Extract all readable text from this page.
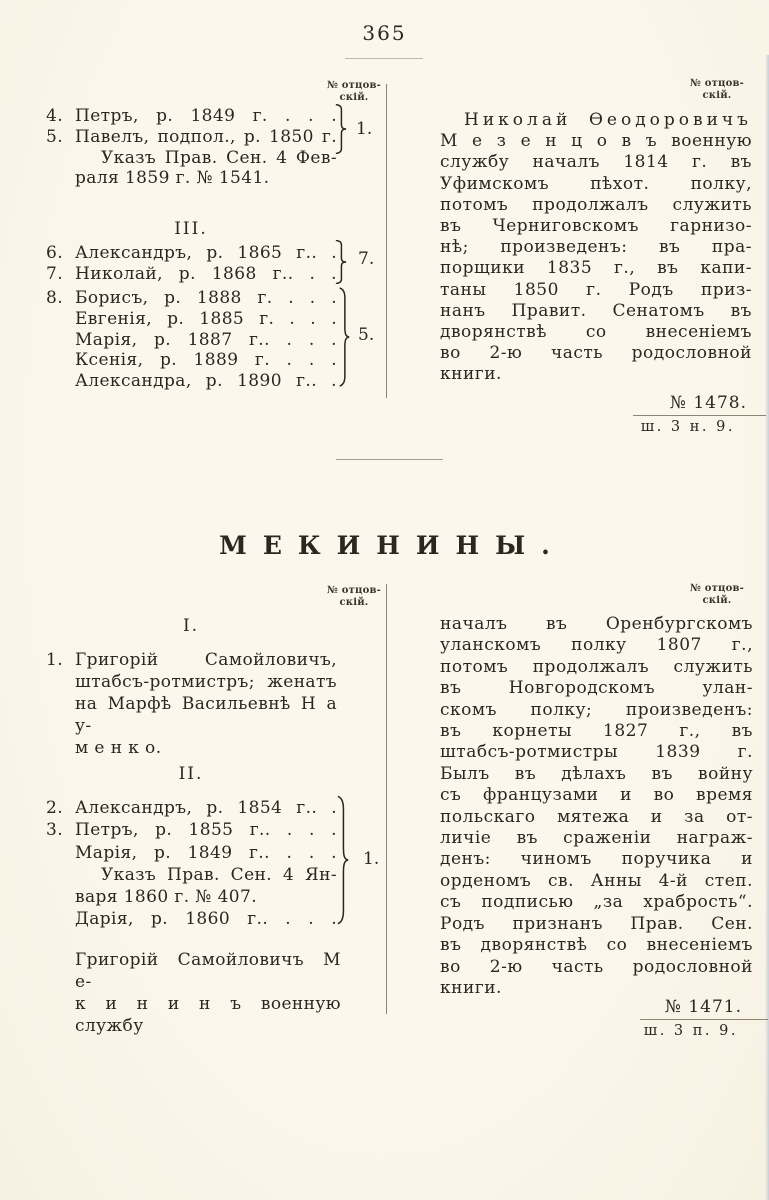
365
№ отцов-
скій.
4. Петръ, р. 1849 г. . . .
5. Павелъ, подпол., р. 1850 г.
Указъ Прав. Сен. 4 Фев-
раля 1859 г. № 1541.
III.
6. Александръ, р. 1865 г.. .
7. Николай, р. 1868 г.. . .
8. Борисъ, р. 1888 г. . . .
Евгенія, р. 1885 г. . . .
Марія, р. 1887 г.. . . .
Ксенія, р. 1889 г. . . .
Александра, р. 1890 г.. .
1.
7.
5.
№ отцов-
скій.
Николай Ѳеодоровичъ
М е з е н ц о в ъ военную
службу началъ 1814 г. въ
Уфимскомъ пѣхот. полку,
потомъ продолжалъ служить
въ Черниговскомъ гарнизо-
нѣ; произведенъ: въ пра-
порщики 1835 г., въ капи-
таны 1850 г. Родъ приз-
нанъ Правит. Сенатомъ въ
дворянствѣ со внесеніемъ
во 2-ю часть родословной
книги.
№ 1478.
ш. 3 н. 9.
МЕКИНИНЫ.
№ отцов-
скій.
I.
1. Григорій Самойловичъ,
штабсъ-ротмистръ; женатъ
на Марфѣ Васильевнѣ Н а у-
м е н к о.
II.
2. Александръ, р. 1854 г.. .
3. Петръ, р. 1855 г.. . . .
Марія, р. 1849 г.. . . .
Указъ Прав. Сен. 4 Ян-
варя 1860 г. № 407.
Дарія, р. 1860 г.. . . .
1.
Григорій Самойловичъ М е-
к и н и н ъ военную службу
№ отцов-
скій.
началъ въ Оренбургскомъ
уланскомъ полку 1807 г.,
потомъ продолжалъ служить
въ Новгородскомъ улан-
скомъ полку; произведенъ:
въ корнеты 1827 г., въ
штабсъ-ротмистры 1839 г.
Былъ въ дѣлахъ въ войну
съ французами и во время
польскаго мятежа и за от-
личіе въ сраженіи награж-
денъ: чиномъ поручика и
орденомъ св. Анны 4-й степ.
съ подписью „за храбрость“.
Родъ признанъ Прав. Сен.
въ дворянствѣ со внесеніемъ
во 2-ю часть родословной
книги.
№ 1471.
ш. 3 п. 9.
